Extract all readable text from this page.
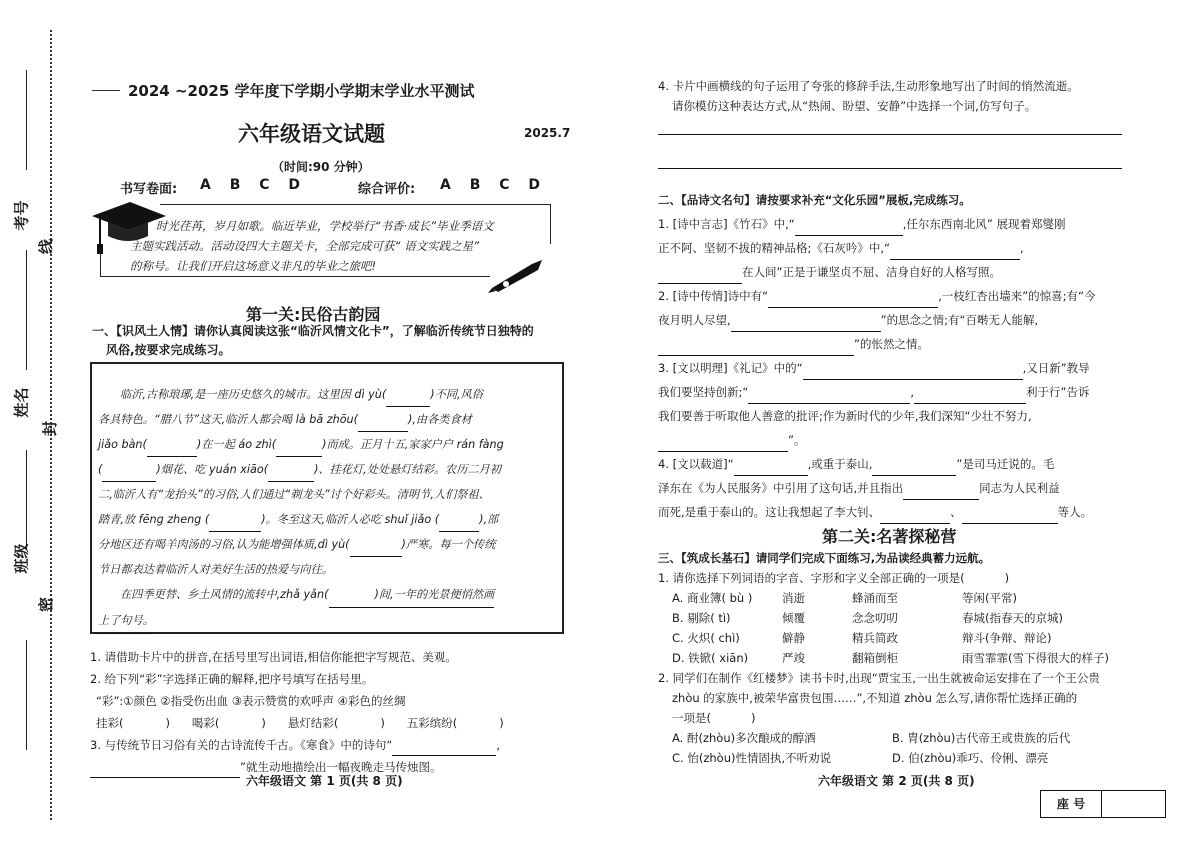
考号
线
姓名
封
班级
密
2024 ~2025 学年度下学期小学期末学业水平测试
六年级语文试题	2025.7
（时间:90 分钟）
书写卷面: A B C D	综合评价: A B C D
时光荏苒，岁月如歌。临近毕业，学校举行“书香·成长”毕业季语文
主题实践活动。活动设四大主题关卡，全部完成可获“ 语文实践之星”
的称号。让我们开启这场意义非凡的毕业之旅吧!
第一关:民俗古韵园
一、【识风土人情】请你认真阅读这张“临沂风情文化卡”，了解临沂传统节日独特的
风俗,按要求完成练习。
临沂,古称琅琊,是一座历史悠久的城市。这里因 dì yù(	)不同,风俗
各具特色。“腊八节”这天,临沂人都会喝 là bā zhōu(	),由各类食材
jiǎo bàn(	)在一起 áo zhì(	)而成。正月十五,家家户户 rán fàng
(	)烟花、吃 yuán xiāo(	)、挂花灯,处处悬灯结彩。农历二月初
二,临沂人有“龙抬头”的习俗,人们通过“剃龙头”讨个好彩头。清明节,人们祭祖、
踏青,放 fēng zheng (	)。冬至这天,临沂人必吃 shuǐ jiǎo (	),部
分地区还有喝羊肉汤的习俗,认为能增强体质,dì yù(	)严寒。每一个传统
节日都表达着临沂人对美好生活的热爱与向往。
在四季更替、乡土风情的流转中,zhǎ yǎn(	)间,一年的光景便悄然画
上了句号。
1. 请借助卡片中的拼音,在括号里写出词语,相信你能把字写规范、美观。
2. 给下列“彩”字选择正确的解释,把序号填写在括号里。
“彩”:①颜色 ②指受伤出血 ③表示赞赏的欢呼声 ④彩色的丝绸
挂彩(	)      喝彩(	)      悬灯结彩(	)      五彩缤纷(	)
3. 与传统节日习俗有关的古诗流传千古。《寒食》中的诗句“	,
”就生动地描绘出一幅夜晚走马传烛图。
六年级语文 第 1 页(共 8 页)
4. 卡片中画横线的句子运用了夸张的修辞手法,生动形象地写出了时间的悄然流逝。
请你模仿这种表达方式,从“热闹、盼望、安静”中选择一个词,仿写句子。
二、【品诗文名句】请按要求补充“文化乐园”展板,完成练习。
1. [诗中言志]《竹石》中,“	,任尔东西南北风” 展现着郑燮刚
正不阿、坚韧不拔的精神品格;《石灰吟》中,“	,
在人间”正是于谦坚贞不屈、洁身自好的人格写照。
2. [诗中传情]诗中有“	,一枝红杏出墙来”的惊喜;有“今
夜月明人尽望,	”的思念之情;有“百啭无人能解,
”的怅然之情。
3. [文以明理]《礼记》中的“	,又日新”教导
我们要坚持创新;“	,	利于行”告诉
我们要善于听取他人善意的批评;作为新时代的少年,我们深知“少壮不努力,
”。
4. [文以载道]“	,或重于泰山,	”是司马迁说的。毛
泽东在《为人民服务》中引用了这句话,并且指出	同志为人民利益
而死,是重于泰山的。这让我想起了李大钊、	、	等人。
第二关:名著探秘营
三、【筑成长基石】请同学们完成下面练习,为品读经典蓄力远航。
1. 请你选择下列词语的字音、字形和字义全部正确的一项是(	)
A. 商业簿( bù )	消逝	蜂涌而至	等闲(平常)
B. 剔除( tì)	倾覆	念念叨叨	春城(指春天的京城)
C. 火炽( chì)	僻静	精兵简政	辩斗(争辩、辩论)
D. 铁锨( xiān)	严竣	翻箱倒柜	雨雪霏霏(雪下得很大的样子)
2. 同学们在制作《红楼梦》读书卡时,出现“贾宝玉,一出生就被命运安排在了一个王公贵
zhòu 的家族中,被荣华富贵包围……”,不知道 zhòu 怎么写,请你帮忙选择正确的
一项是(	)
A. 酎(zhòu)多次酿成的醇酒	B. 胄(zhòu)古代帝王或贵族的后代
C. 怡(zhòu)性情固执,不听劝说	D. 伯(zhòu)乖巧、伶俐、漂亮
六年级语文 第 2 页(共 8 页)
座 号
